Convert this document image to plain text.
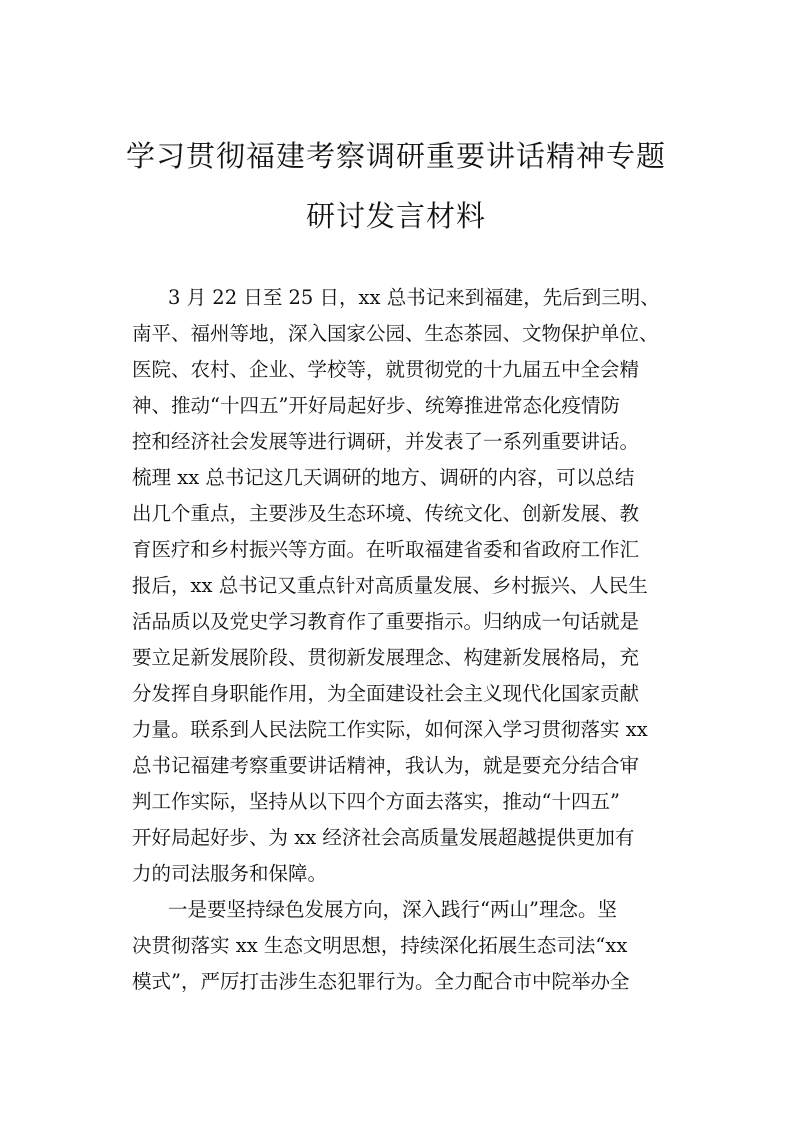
学习贯彻福建考察调研重要讲话精神专题
研讨发言材料
3 月 22 日至 25 日，xx 总书记来到福建，先后到三明、
南平、福州等地，深入国家公园、生态茶园、文物保护单位、
医院、农村、企业、学校等，就贯彻党的十九届五中全会精
神、推动“十四五”开好局起好步、统筹推进常态化疫情防
控和经济社会发展等进行调研，并发表了一系列重要讲话。
梳理 xx 总书记这几天调研的地方、调研的内容，可以总结
出几个重点，主要涉及生态环境、传统文化、创新发展、教
育医疗和乡村振兴等方面。在听取福建省委和省政府工作汇
报后，xx 总书记又重点针对高质量发展、乡村振兴、人民生
活品质以及党史学习教育作了重要指示。归纳成一句话就是
要立足新发展阶段、贯彻新发展理念、构建新发展格局，充
分发挥自身职能作用，为全面建设社会主义现代化国家贡献
力量。联系到人民法院工作实际，如何深入学习贯彻落实 xx
总书记福建考察重要讲话精神，我认为，就是要充分结合审
判工作实际，坚持从以下四个方面去落实，推动“十四五”
开好局起好步、为 xx 经济社会高质量发展超越提供更加有
力的司法服务和保障。
一是要坚持绿色发展方向，深入践行“两山”理念。坚
决贯彻落实 xx 生态文明思想，持续深化拓展生态司法“xx
模式”，严厉打击涉生态犯罪行为。全力配合市中院举办全
